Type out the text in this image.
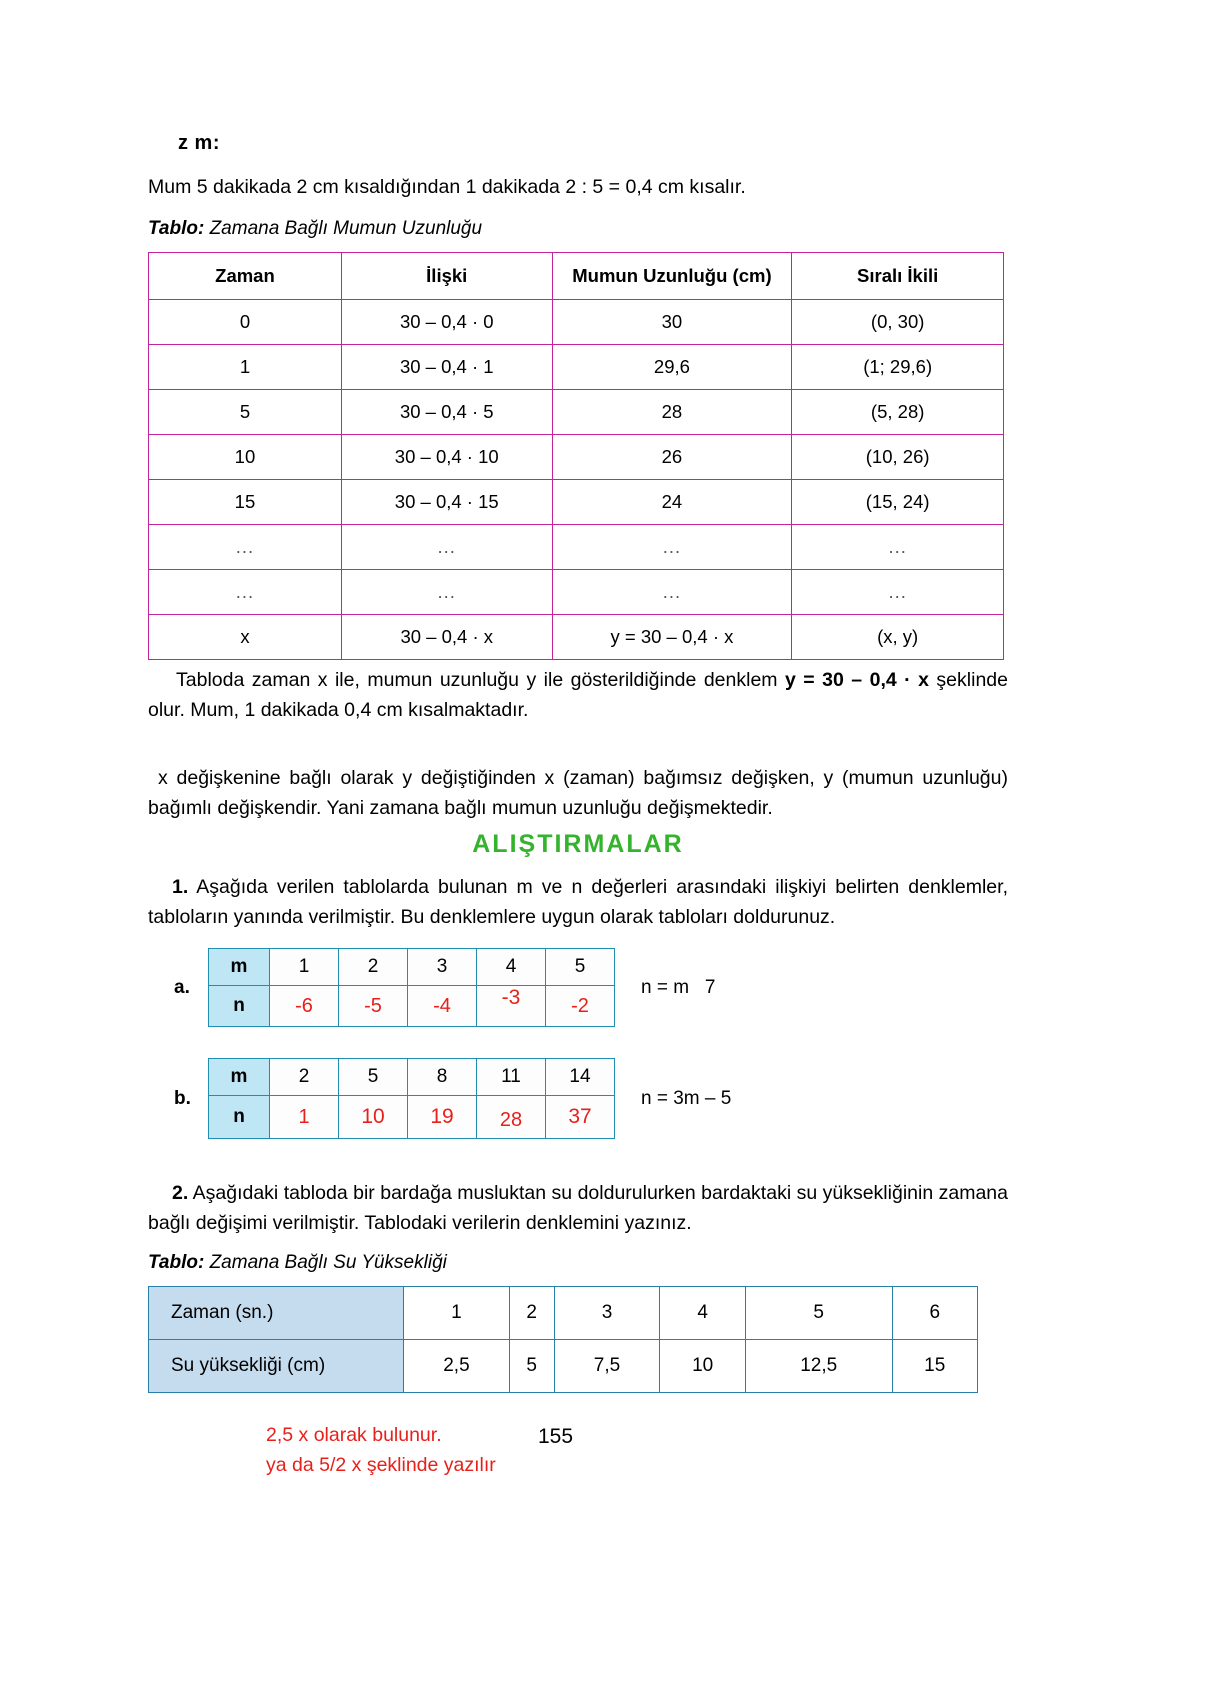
z m:
Mum 5 dakikada 2 cm kısaldığından 1 dakikada 2 : 5 = 0,4 cm kısalır.
Tablo: Zamana Bağlı Mumun Uzunluğu
Zaman	İlişki	Mumun Uzunluğu (cm)	Sıralı İkili
0	30 – 0,4 · 0	30	(0, 30)
1	30 – 0,4 · 1	29,6	(1; 29,6)
5	30 – 0,4 · 5	28	(5, 28)
10	30 – 0,4 · 10	26	(10, 26)
15	30 – 0,4 · 15	24	(15, 24)
...	...	...	...
...	...	...	...
x	30 – 0,4 · x	y = 30 – 0,4 · x	(x, y)
Tabloda zaman x ile, mumun uzunluğu y ile gösterildiğinde denklem y = 30 – 0,4 · x şeklinde olur. Mum, 1 dakikada 0,4 cm kısalmaktadır.
x değişkenine bağlı olarak y değiştiğinden x (zaman) bağımsız değişken, y (mumun uzunluğu) bağımlı değişkendir. Yani zamana bağlı mumun uzunluğu değişmektedir.
ALIŞTIRMALAR
1. Aşağıda verilen tablolarda bulunan m ve n değerleri arasındaki ilişkiyi belirten denklemler, tabloların yanında verilmiştir. Bu denklemlere uygun olarak tabloları doldurunuz.
a.
m	1	2	3	4	5
n	-6	-5	-4	-3	-2
n = m   7
b.
m	2	5	8	11	14
n	1	10	19	28	37
n = 3m – 5
2. Aşağıdaki tabloda bir bardağa musluktan su doldurulurken bardaktaki su yüksekliğinin zamana bağlı değişimi verilmiştir. Tablodaki verilerin denklemini yazınız.
Tablo: Zamana Bağlı Su Yüksekliği
Zaman (sn.)	1	2	3	4	5	6
Su yüksekliği (cm)	2,5	5	7,5	10	12,5	15
2,5 x olarak bulunur.
ya da 5/2 x şeklinde yazılır
155
